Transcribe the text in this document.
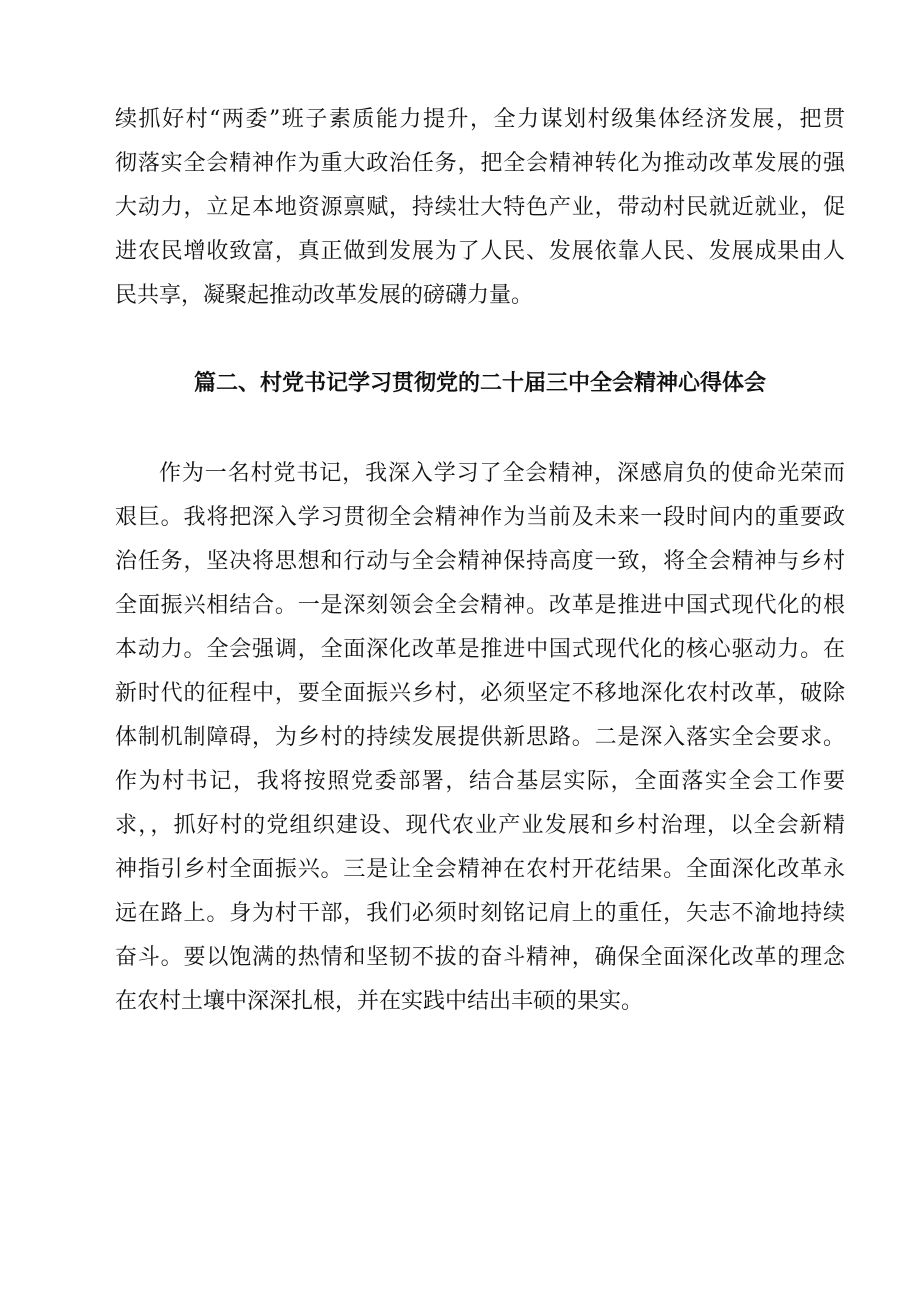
续抓好村“两委”班子素质能力提升，全力谋划村级集体经济发展，把贯
彻落实全会精神作为重大政治任务，把全会精神转化为推动改革发展的强
大动力，立足本地资源禀赋，持续壮大特色产业，带动村民就近就业，促
进农民增收致富，真正做到发展为了人民、发展依靠人民、发展成果由人
民共享，凝聚起推动改革发展的磅礴力量。
篇二、村党书记学习贯彻党的二十届三中全会精神心得体会
作为一名村党书记，我深入学习了全会精神，深感肩负的使命光荣而
艰巨。我将把深入学习贯彻全会精神作为当前及未来一段时间内的重要政
治任务，坚决将思想和行动与全会精神保持高度一致，将全会精神与乡村
全面振兴相结合。一是深刻领会全会精神。改革是推进中国式现代化的根
本动力。全会强调，全面深化改革是推进中国式现代化的核心驱动力。在
新时代的征程中，要全面振兴乡村，必须坚定不移地深化农村改革，破除
体制机制障碍，为乡村的持续发展提供新思路。二是深入落实全会要求。
作为村书记，我将按照党委部署，结合基层实际，全面落实全会工作要
求，，抓好村的党组织建设、现代农业产业发展和乡村治理，以全会新精
神指引乡村全面振兴。三是让全会精神在农村开花结果。全面深化改革永
远在路上。身为村干部，我们必须时刻铭记肩上的重任，矢志不渝地持续
奋斗。要以饱满的热情和坚韧不拔的奋斗精神，确保全面深化改革的理念
在农村土壤中深深扎根，并在实践中结出丰硕的果实。
